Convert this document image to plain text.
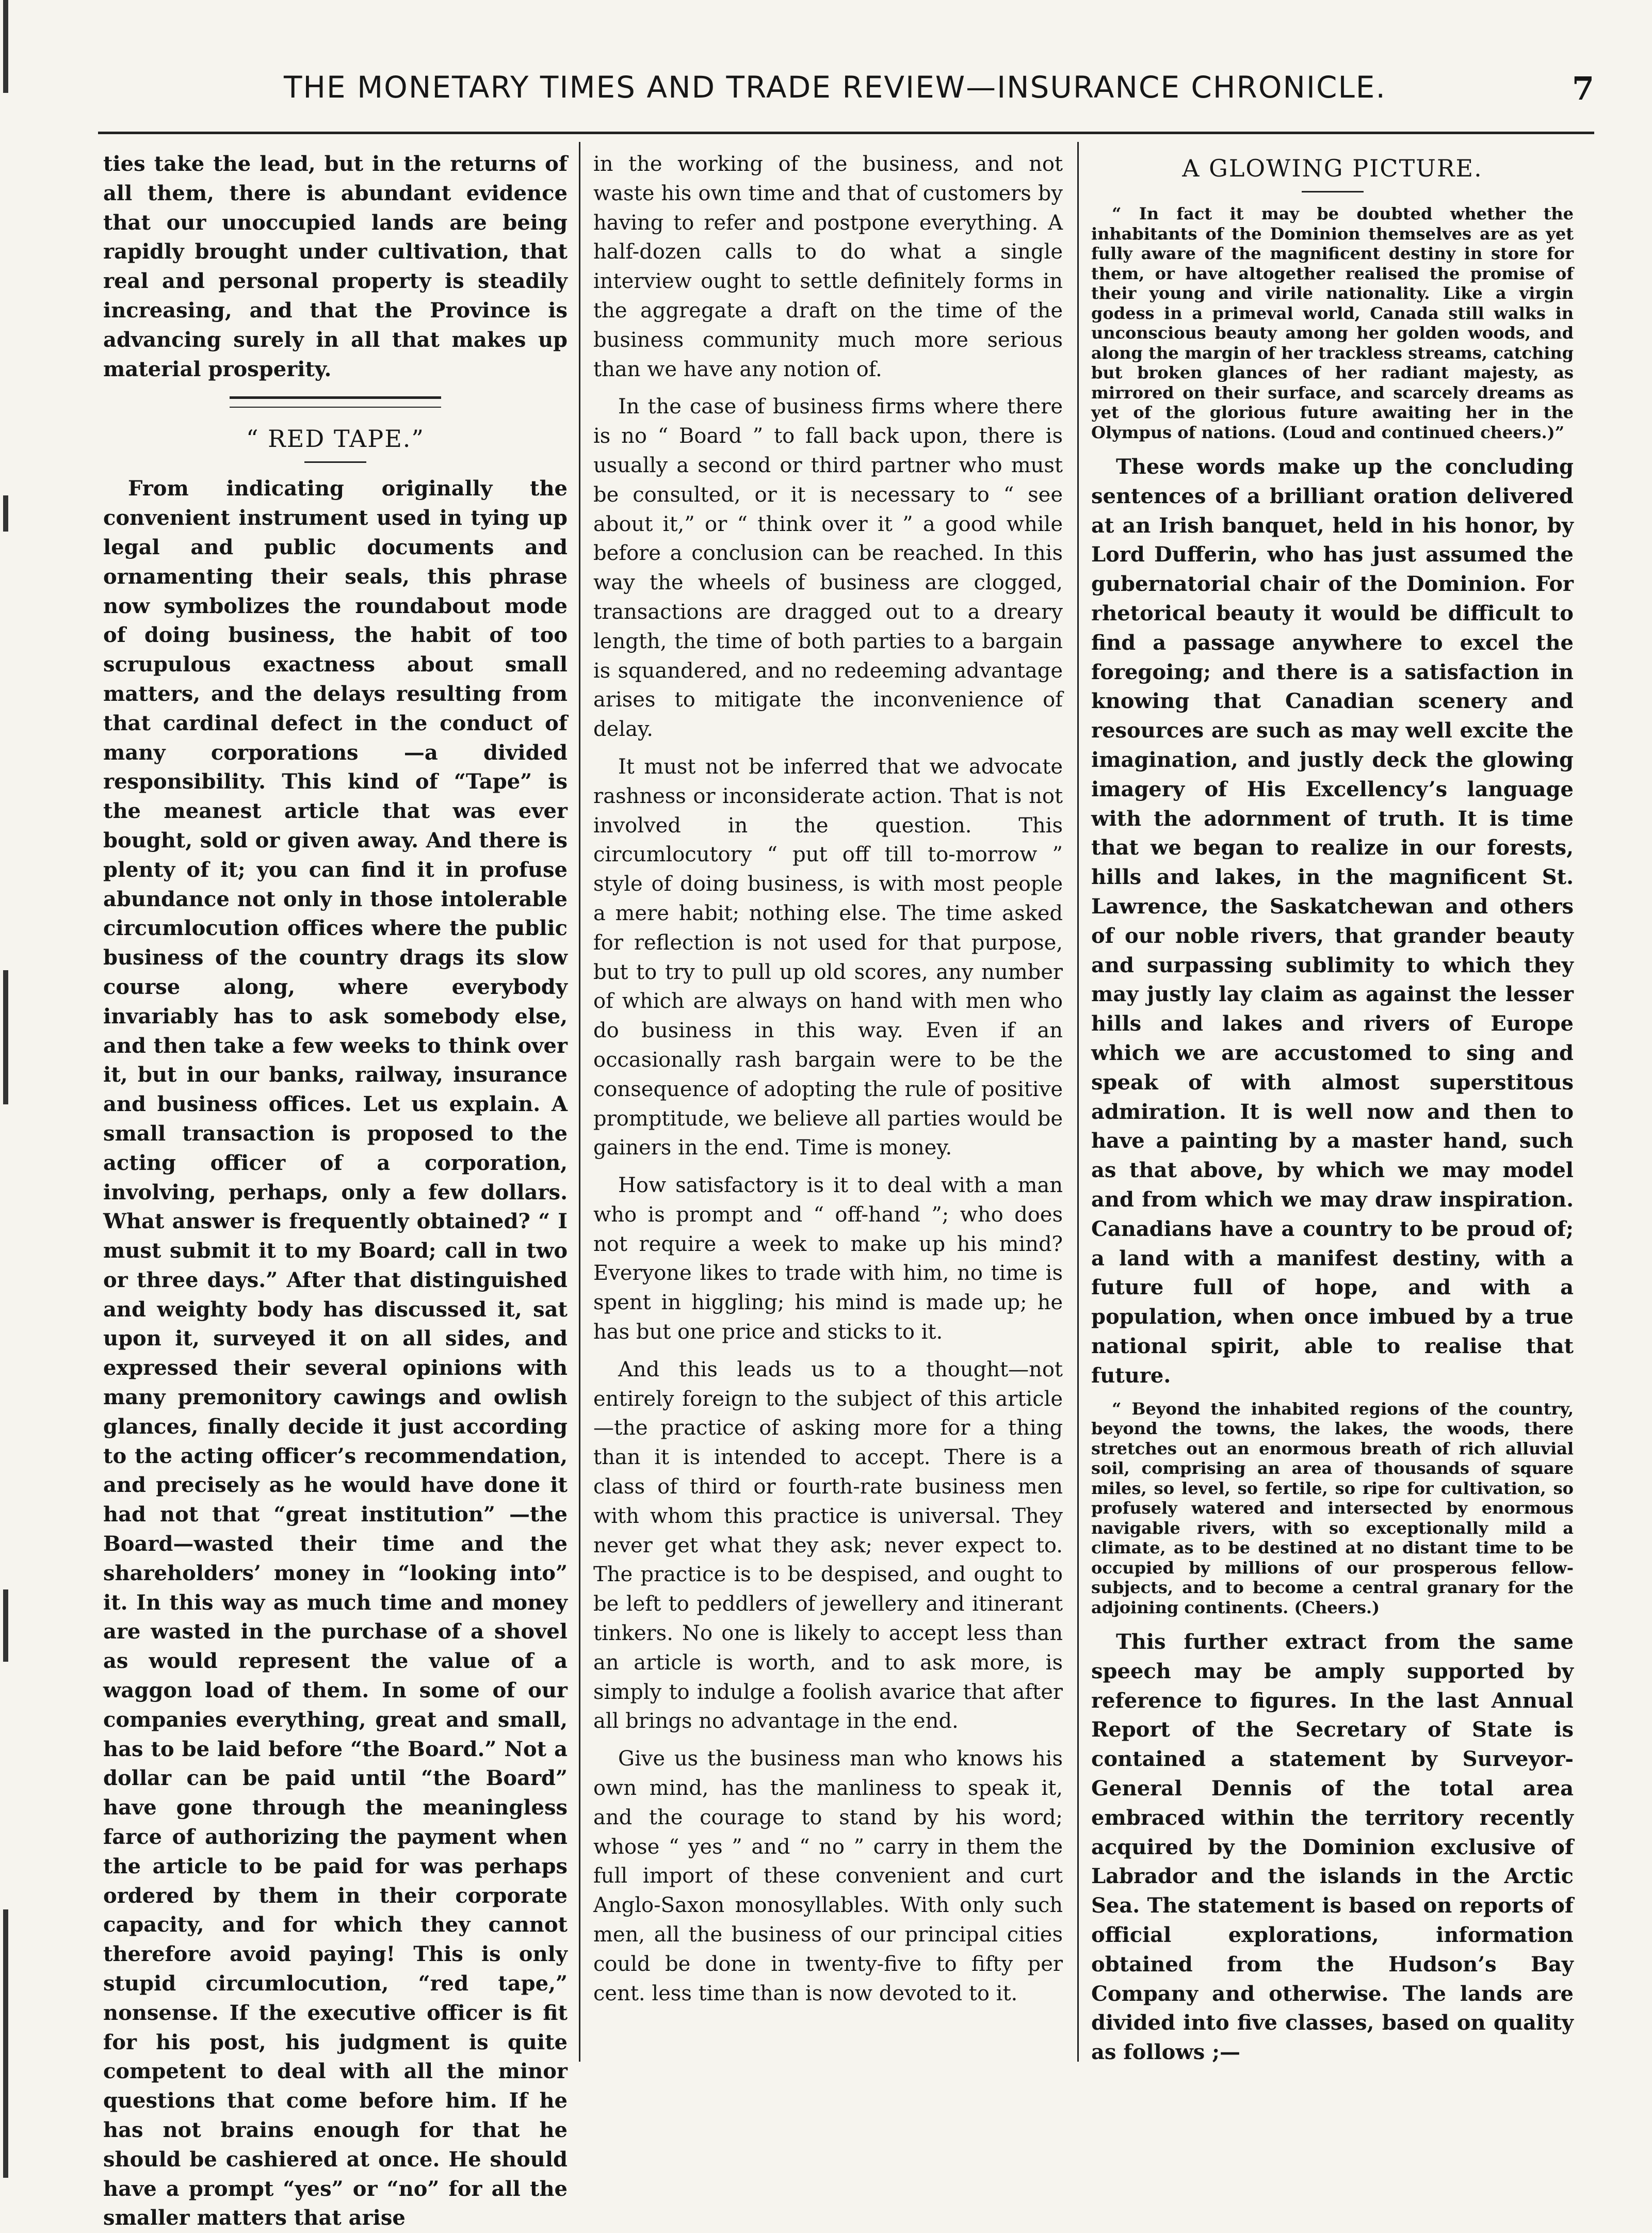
THE MONETARY TIMES AND TRADE REVIEW—INSURANCE CHRONICLE.	7

ties take the lead, but in the returns of all them, there is abundant evidence that our unoccupied lands are being rapidly brought under cultivation, that real and personal property is steadily increasing, and that the Province is advancing surely in all that makes up material prosperity.

“ RED TAPE.”

From indicating originally the convenient instrument used in tying up legal and public documents and ornamenting their seals, this phrase now symbolizes the roundabout mode of doing business, the habit of too scrupulous exactness about small matters, and the delays resulting from that cardinal defect in the conduct of many corporations —a divided responsibility. This kind of “Tape” is the meanest article that was ever bought, sold or given away. And there is plenty of it; you can find it in profuse abundance not only in those intolerable circumlocution offices where the public business of the country drags its slow course along, where everybody invariably has to ask somebody else, and then take a few weeks to think over it, but in our banks, railway, insurance and business offices. Let us explain. A small transaction is proposed to the acting officer of a corporation, involving, perhaps, only a few dollars. What answer is frequently obtained? “ I must submit it to my Board; call in two or three days.” After that distinguished and weighty body has discussed it, sat upon it, surveyed it on all sides, and expressed their several opinions with many premonitory cawings and owlish glances, finally decide it just according to the acting officer’s recommendation, and precisely as he would have done it had not that “great institution” —the Board—wasted their time and the shareholders’ money in “looking into” it. In this way as much time and money are wasted in the purchase of a shovel as would represent the value of a waggon load of them. In some of our companies everything, great and small, has to be laid before “the Board.” Not a dollar can be paid until “the Board” have gone through the meaningless farce of authorizing the payment when the article to be paid for was perhaps ordered by them in their corporate capacity, and for which they cannot therefore avoid paying! This is only stupid circumlocution, “red tape,” nonsense. If the executive officer is fit for his post, his judgment is quite competent to deal with all the minor questions that come before him. If he has not brains enough for that he should be cashiered at once. He should have a prompt “yes” or “no” for all the smaller matters that arise

in the working of the business, and not waste his own time and that of customers by having to refer and postpone everything. A half-dozen calls to do what a single interview ought to settle definitely forms in the aggregate a draft on the time of the business community much more serious than we have any notion of.

In the case of business firms where there is no “ Board ” to fall back upon, there is usually a second or third partner who must be consulted, or it is necessary to “ see about it,” or “ think over it ” a good while before a conclusion can be reached. In this way the wheels of business are clogged, transactions are dragged out to a dreary length, the time of both parties to a bargain is squandered, and no redeeming advantage arises to mitigate the inconvenience of delay.

It must not be inferred that we advocate rashness or inconsiderate action. That is not involved in the question. This circumlocutory “ put off till to-morrow ” style of doing business, is with most people a mere habit; nothing else. The time asked for reflection is not used for that purpose, but to try to pull up old scores, any number of which are always on hand with men who do business in this way. Even if an occasionally rash bargain were to be the consequence of adopting the rule of positive promptitude, we believe all parties would be gainers in the end. Time is money.

How satisfactory is it to deal with a man who is prompt and “ off-hand ”; who does not require a week to make up his mind? Everyone likes to trade with him, no time is spent in higgling; his mind is made up; he has but one price and sticks to it.

And this leads us to a thought—not entirely foreign to the subject of this article—the practice of asking more for a thing than it is intended to accept. There is a class of third or fourth-rate business men with whom this practice is universal. They never get what they ask; never expect to. The practice is to be despised, and ought to be left to peddlers of jewellery and itinerant tinkers. No one is likely to accept less than an article is worth, and to ask more, is simply to indulge a foolish avarice that after all brings no advantage in the end.

Give us the business man who knows his own mind, has the manliness to speak it, and the courage to stand by his word; whose “ yes ” and “ no ” carry in them the full import of these convenient and curt Anglo-Saxon monosyllables. With only such men, all the business of our principal cities could be done in twenty-five to fifty per cent. less time than is now devoted to it.

A GLOWING PICTURE.
“ In fact it may be doubted whether the inhabitants of the Dominion themselves are as yet fully aware of the magnificent destiny in store for them, or have altogether realised the promise of their young and virile nationality. Like a virgin godess in a primeval world, Canada still walks in unconscious beauty among her golden woods, and along the margin of her trackless streams, catching but broken glances of her radiant majesty, as mirrored on their surface, and scarcely dreams as yet of the glorious future awaiting her in the Olympus of nations. (Loud and continued cheers.)”

These words make up the concluding sentences of a brilliant oration delivered at an Irish banquet, held in his honor, by Lord Dufferin, who has just assumed the gubernatorial chair of the Dominion. For rhetorical beauty it would be difficult to find a passage anywhere to excel the foregoing; and there is a satisfaction in knowing that Canadian scenery and resources are such as may well excite the imagination, and justly deck the glowing imagery of His Excellency’s language with the adornment of truth. It is time that we began to realize in our forests, hills and lakes, in the magnificent St. Lawrence, the Saskatchewan and others of our noble rivers, that grander beauty and surpassing sublimity to which they may justly lay claim as against the lesser hills and lakes and rivers of Europe which we are accustomed to sing and speak of with almost superstitous admiration. It is well now and then to have a painting by a master hand, such as that above, by which we may model and from which we may draw inspiration. Canadians have a country to be proud of; a land with a manifest destiny, with a future full of hope, and with a population, when once imbued by a true national spirit, able to realise that future.

“ Beyond the inhabited regions of the country, beyond the towns, the lakes, the woods, there stretches out an enormous breath of rich alluvial soil, comprising an area of thousands of square miles, so level, so fertile, so ripe for cultivation, so profusely watered and intersected by enormous navigable rivers, with so exceptionally mild a climate, as to be destined at no distant time to be occupied by millions of our prosperous fellow-subjects, and to become a central granary for the adjoining continents. (Cheers.)

This further extract from the same speech may be amply supported by reference to figures. In the last Annual Report of the Secretary of State is contained a statement by Surveyor-General Dennis of the total area embraced within the territory recently acquired by the Dominion exclusive of Labrador and the islands in the Arctic Sea. The statement is based on reports of official explorations, information obtained from the Hudson’s Bay Company and otherwise. The lands are divided into five classes, based on quality as follows ;—
